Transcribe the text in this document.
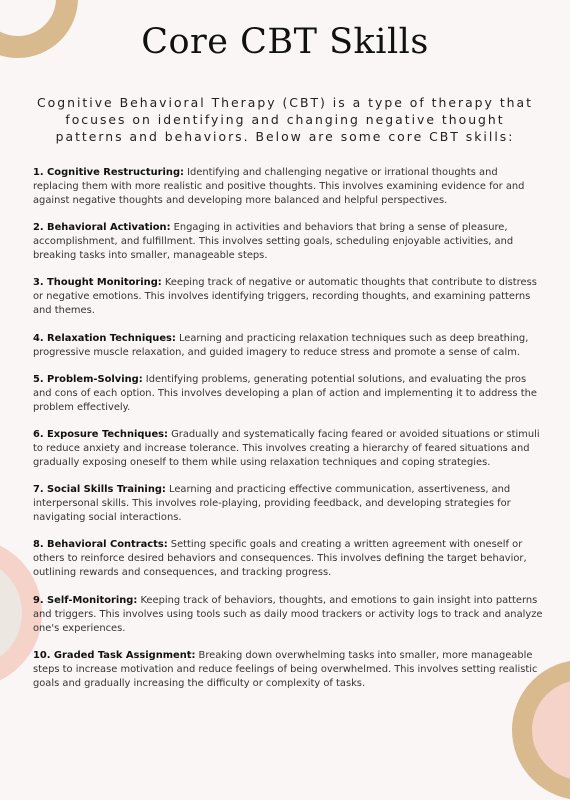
Core CBT Skills

Cognitive Behavioral Therapy (CBT) is a type of therapy that focuses on identifying and changing negative thought patterns and behaviors. Below are some core CBT skills:

1. Cognitive Restructuring: Identifying and challenging negative or irrational thoughts and replacing them with more realistic and positive thoughts. This involves examining evidence for and against negative thoughts and developing more balanced and helpful perspectives.
2. Behavioral Activation: Engaging in activities and behaviors that bring a sense of pleasure, accomplishment, and fulfillment. This involves setting goals, scheduling enjoyable activities, and breaking tasks into smaller, manageable steps.
3. Thought Monitoring: Keeping track of negative or automatic thoughts that contribute to distress or negative emotions. This involves identifying triggers, recording thoughts, and examining patterns and themes.
4. Relaxation Techniques: Learning and practicing relaxation techniques such as deep breathing, progressive muscle relaxation, and guided imagery to reduce stress and promote a sense of calm.
5. Problem-Solving: Identifying problems, generating potential solutions, and evaluating the pros and cons of each option. This involves developing a plan of action and implementing it to address the problem effectively.
6. Exposure Techniques: Gradually and systematically facing feared or avoided situations or stimuli to reduce anxiety and increase tolerance. This involves creating a hierarchy of feared situations and gradually exposing oneself to them while using relaxation techniques and coping strategies.
7. Social Skills Training: Learning and practicing effective communication, assertiveness, and interpersonal skills. This involves role-playing, providing feedback, and developing strategies for navigating social interactions.
8. Behavioral Contracts: Setting specific goals and creating a written agreement with oneself or others to reinforce desired behaviors and consequences. This involves defining the target behavior, outlining rewards and consequences, and tracking progress.
9. Self-Monitoring: Keeping track of behaviors, thoughts, and emotions to gain insight into patterns and triggers. This involves using tools such as daily mood trackers or activity logs to track and analyze one's experiences.
10. Graded Task Assignment: Breaking down overwhelming tasks into smaller, more manageable steps to increase motivation and reduce feelings of being overwhelmed. This involves setting realistic goals and gradually increasing the difficulty or complexity of tasks.
